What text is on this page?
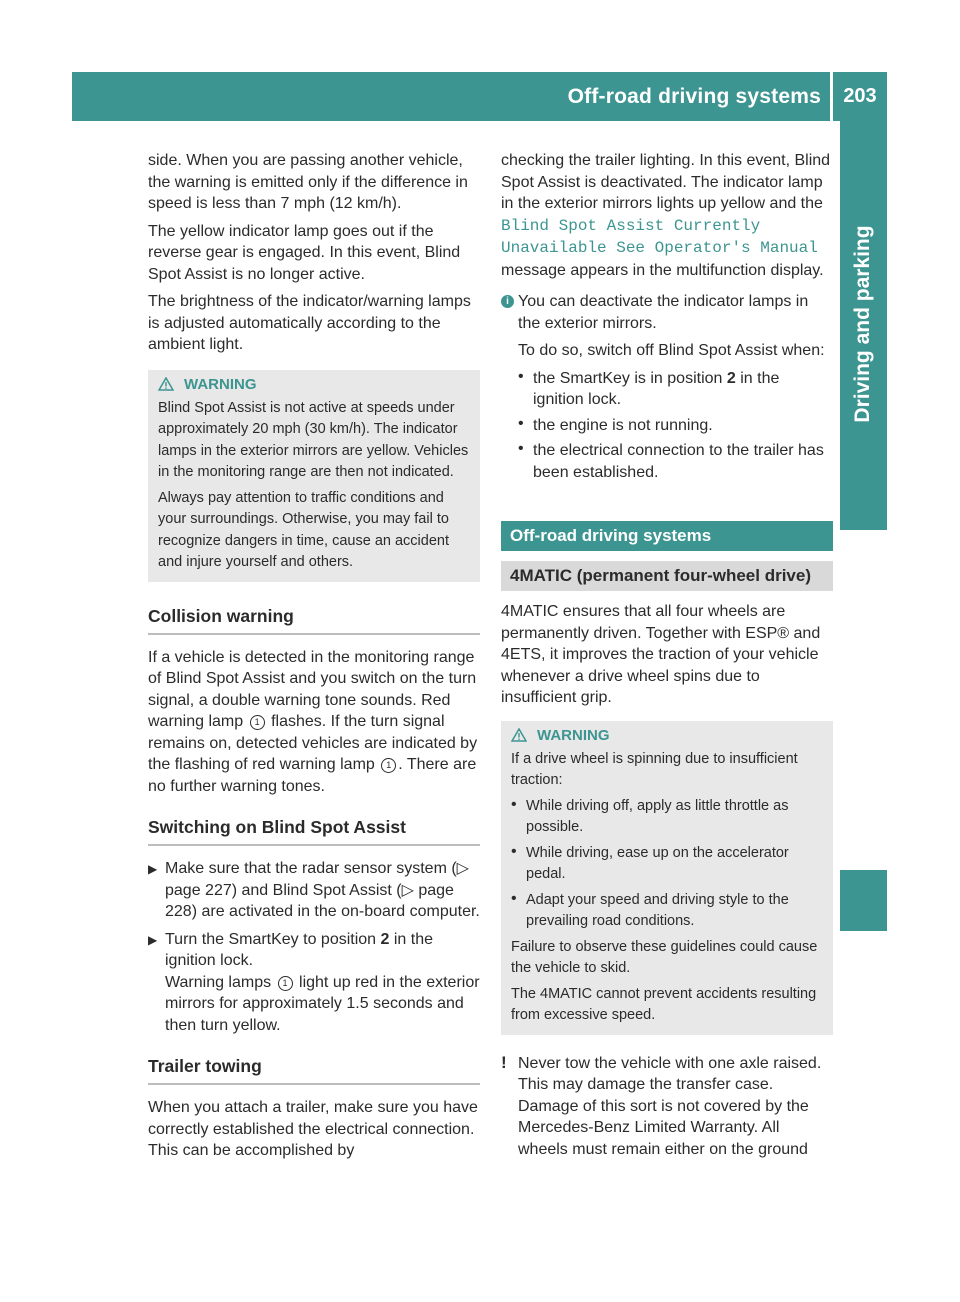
Off-road driving systems	203
Driving and parking

side. When you are passing another vehicle, the warning is emitted only if the difference in speed is less than 7 mph (12 km/h).

The yellow indicator lamp goes out if the reverse gear is engaged. In this event, Blind Spot Assist is no longer active.

The brightness of the indicator/warning lamps is adjusted automatically according to the ambient light.

WARNING

Blind Spot Assist is not active at speeds under approximately 20 mph (30 km/h). The indicator lamps in the exterior mirrors are yellow. Vehicles in the monitoring range are then not indicated.

Always pay attention to traffic conditions and your surroundings. Otherwise, you may fail to recognize dangers in time, cause an accident and injure yourself and others.

Collision warning

If a vehicle is detected in the monitoring range of Blind Spot Assist and you switch on the turn signal, a double warning tone sounds. Red warning lamp 1 flashes. If the turn signal remains on, detected vehicles are indicated by the flashing of red warning lamp 1 . There are no further warning tones.

Switching on Blind Spot Assist
▶ Make sure that the radar sensor system (▷ page 227) and Blind Spot Assist (▷ page 228) are activated in the on-board computer.

▶ Turn the SmartKey to position 2 in the ignition lock.
Warning lamps 1 light up red in the exterior mirrors for approximately 1.5 seconds and then turn yellow.

Trailer towing

When you attach a trailer, make sure you have correctly established the electrical connection. This can be accomplished by

checking the trailer lighting. In this event, Blind Spot Assist is deactivated. The indicator lamp in the exterior mirrors lights up yellow and the Blind Spot Assist Currently Unavailable See Operator's Manual message appears in the multifunction display.

i You can deactivate the indicator lamps in the exterior mirrors.

To do so, switch off Blind Spot Assist when:

• the SmartKey is in position 2 in the ignition lock.

• the engine is not running.

• the electrical connection to the trailer has been established.

Off-road driving systems
4MATIC (permanent four-wheel drive)

4MATIC ensures that all four wheels are permanently driven. Together with ESP® and 4ETS, it improves the traction of your vehicle whenever a drive wheel spins due to insufficient grip.

WARNING

If a drive wheel is spinning due to insufficient traction:

• While driving off, apply as little throttle as possible.

• While driving, ease up on the accelerator pedal.

• Adapt your speed and driving style to the prevailing road conditions.

Failure to observe these guidelines could cause the vehicle to skid.

The 4MATIC cannot prevent accidents resulting from excessive speed.

! Never tow the vehicle with one axle raised. This may damage the transfer case. Damage of this sort is not covered by the Mercedes-Benz Limited Warranty. All wheels must remain either on the ground
